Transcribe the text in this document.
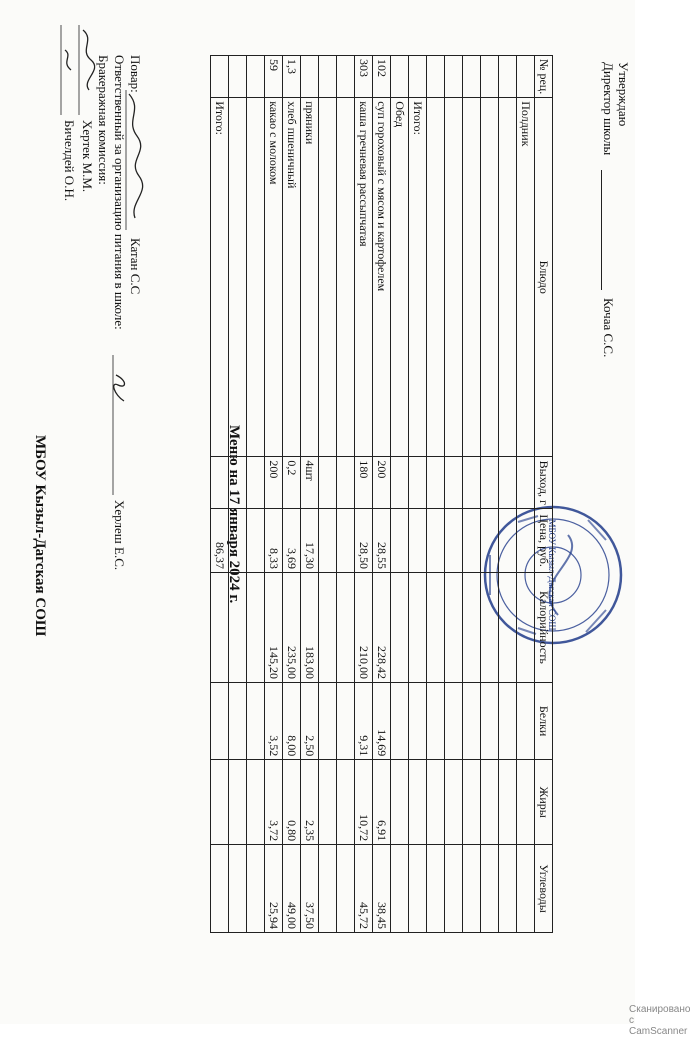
Утверждаю
Директор школы
Кочаа С.С.
МБОУ Кызыл-Дагская СОШ
МБОУ Кызыл-Дагская СОШ	Меню на 17 января 2024 г.
№ рец.	Блюдо	Выход, г	Цена, руб.	Калорийность	Белки	Жиры	Углеводы
	Полдник						

	Итого:						
	Обед						
102	суп гороховый с мясом и картофелем	200	28,55	228,42	14,69	6,91	38,45
303	каша гречневая рассыпчатая	180	28,50	210,00	9,31	10,72	45,72

	пряники	4шт	17,30	183,00	2,50	2,35	37,50
1,3	хлеб пшеничный	0,2	3,69	235,00	8,00	0,80	49,00
59	какао с молоком	200	8,33	145,20	3,52	3,72	25,94

	Итого:		86,37				
Повар:
Катан С.С
Ответственный за организацию питания в школе:
Херлеш Е.С.
Бракеражная комиссия:
Хертек М.М.
Бичелдей О.Н.
Сканировано с CamScanner
